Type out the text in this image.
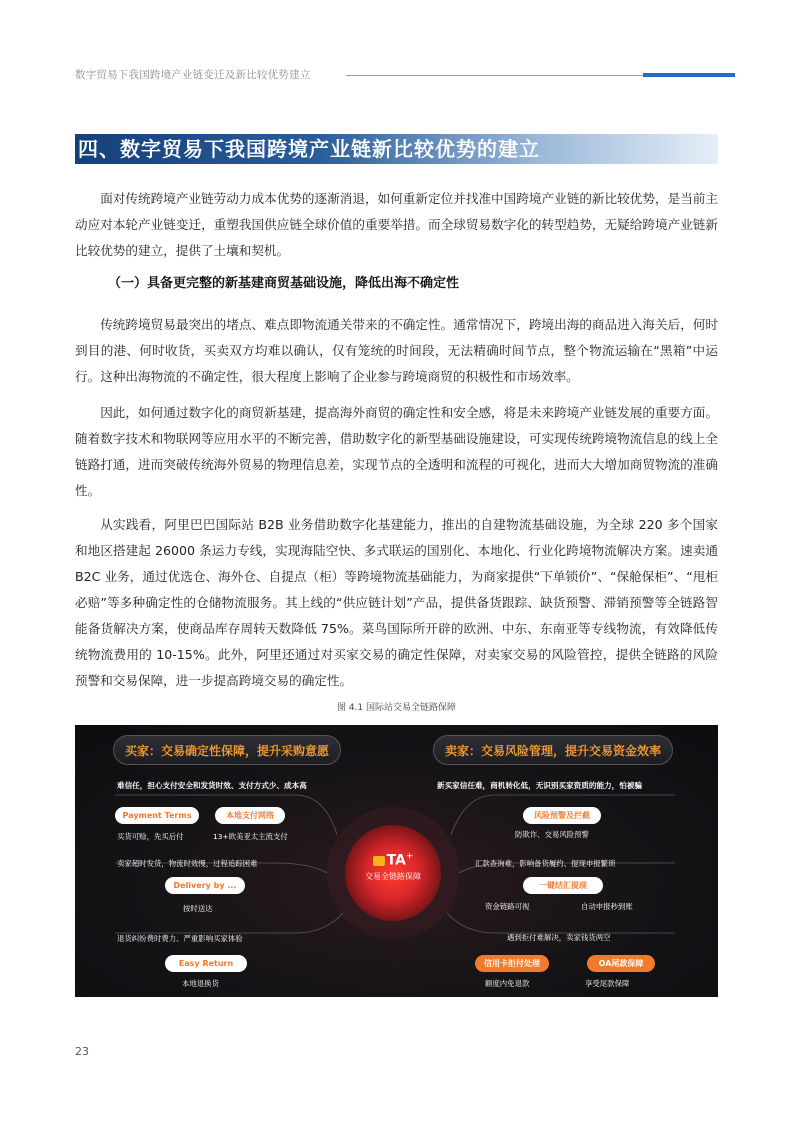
数字贸易下我国跨境产业链变迁及新比较优势建立
四、数字贸易下我国跨境产业链新比较优势的建立

面对传统跨境产业链劳动力成本优势的逐渐消退，如何重新定位并找准中国跨境产业链的新比较优势，是当前主动应对本轮产业链变迁，重塑我国供应链全球价值的重要举措。而全球贸易数字化的转型趋势，无疑给跨境产业链新比较优势的建立，提供了土壤和契机。

（一）具备更完整的新基建商贸基础设施，降低出海不确定性

传统跨境贸易最突出的堵点、难点即物流通关带来的不确定性。通常情况下，跨境出海的商品进入海关后，何时到目的港、何时收货，买卖双方均难以确认，仅有笼统的时间段，无法精确时间节点，整个物流运输在“黑箱”中运行。这种出海物流的不确定性，很大程度上影响了企业参与跨境商贸的积极性和市场效率。

因此，如何通过数字化的商贸新基建，提高海外商贸的确定性和安全感，将是未来跨境产业链发展的重要方面。随着数字技术和物联网等应用水平的不断完善，借助数字化的新型基础设施建设，可实现传统跨境物流信息的线上全链路打通，进而突破传统海外贸易的物理信息差，实现节点的全透明和流程的可视化，进而大大增加商贸物流的准确性。

从实践看，阿里巴巴国际站 B2B 业务借助数字化基建能力，推出的自建物流基础设施，为全球 220 多个国家和地区搭建起 26000 条运力专线，实现海陆空快、多式联运的国别化、本地化、行业化跨境物流解决方案。速卖通 B2C 业务，通过优选仓、海外仓、自提点（柜）等跨境物流基础能力，为商家提供“下单锁价”、“保舱保柜”、“甩柜必赔”等多种确定性的仓储物流服务。其上线的“供应链计划”产品，提供备货跟踪、缺货预警、滞销预警等全链路智能备货解决方案，使商品库存周转天数降低 75%。菜鸟国际所开辟的欧洲、中东、东南亚等专线物流，有效降低传统物流费用的 10-15%。此外，阿里还通过对买家交易的确定性保障，对卖家交易的风险管控，提供全链路的风险预警和交易保障，进一步提高跨境交易的确定性。

图 4.1 国际站交易全链路保障
买家：交易确定性保障，提升采购意愿	卖家：交易风险管理，提升交易资金效率
TA+
交易全链路保障
难信任，担心支付安全和发货时效、支付方式少、成本高
Payment Terms	本地支付网络
买货可赊，先买后付	13+欧美亚太主流支付
卖家超时发货，物流时效慢，过程追踪困难
Delivery by ...
按时送达
退货纠纷费时费力、严重影响买家体验
Easy Return
本地退换货
新买家信任难，商机转化低，无识别买家资质的能力，怕被骗
风险预警及拦截
防欺诈、交易风险预警
汇款查询难，影响备货履约、提现申报繁琐
一键结汇提现
资金链路可视	自动申报秒到账
遇到拒付难解决，卖家钱货两空
信用卡拒付处理	OA尾款保障
额度内免退款	享受尾款保障
23
